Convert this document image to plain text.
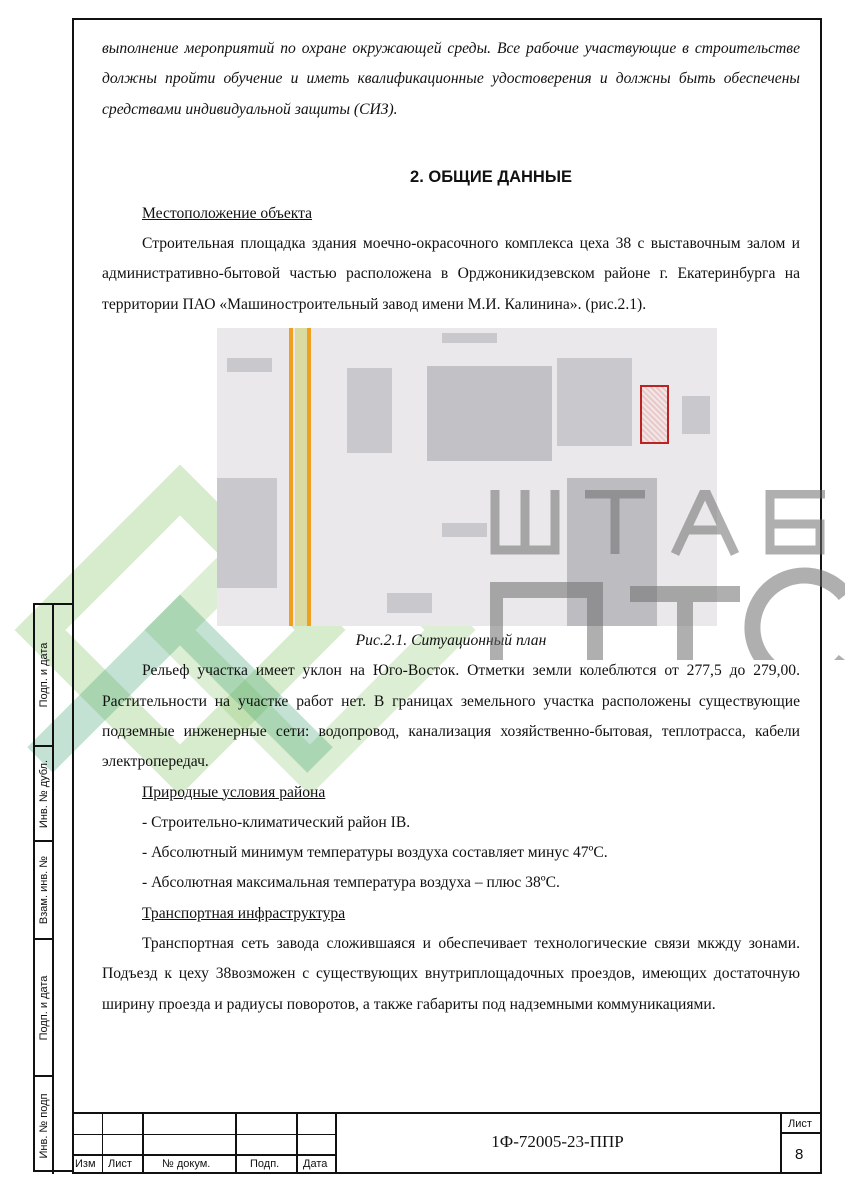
выполнение мероприятий по охране окружающей среды. Все рабочие участвующие в строительстве должны пройти обучение и иметь квалификационные удостоверения и должны быть обеспечены средствами индивидуальной защиты (СИЗ).

2. ОБЩИЕ ДАННЫЕ

Местоположение объекта

Строительная площадка здания моечно-окрасочного комплекса цеха 38 с выставочным залом и административно-бытовой частью расположена в Орджоникидзевском районе г. Екатеринбурга на территории ПАО «Машиностроительный завод имени М.И. Калинина». (рис.2.1).

Рис.2.1. Ситуационный план

Рельеф участка имеет уклон на Юго-Восток. Отметки земли колеблются от 277,5 до 279,00. Растительности на участке работ нет. В границах земельного участка расположены существующие подземные инженерные сети: водопровод, канализация хозяйственно-бытовая, теплотрасса, кабели электропередач.

Природные условия района

- Строительно-климатический район IВ.

- Абсолютный минимум температуры воздуха составляет минус 47ºС.

- Абсолютная максимальная температура воздуха – плюс 38ºС.

Транспортная инфраструктура

Транспортная сеть завода сложившаяся и обеспечивает технологические связи мкжду зонами. Подъезд к цеху 38возможен с существующих внутриплощадочных проездов, имеющих достаточную ширину проезда и радиусы поворотов, а также габариты под надземными коммуникациями.

Подп. и дата
Инв. № дубл.
Взам. инв. №
Подп. и дата
Инв. № подп
Изм Лист	№ докум.	Подп. Дата
1Ф-72005-23-ППР
Лист
8
